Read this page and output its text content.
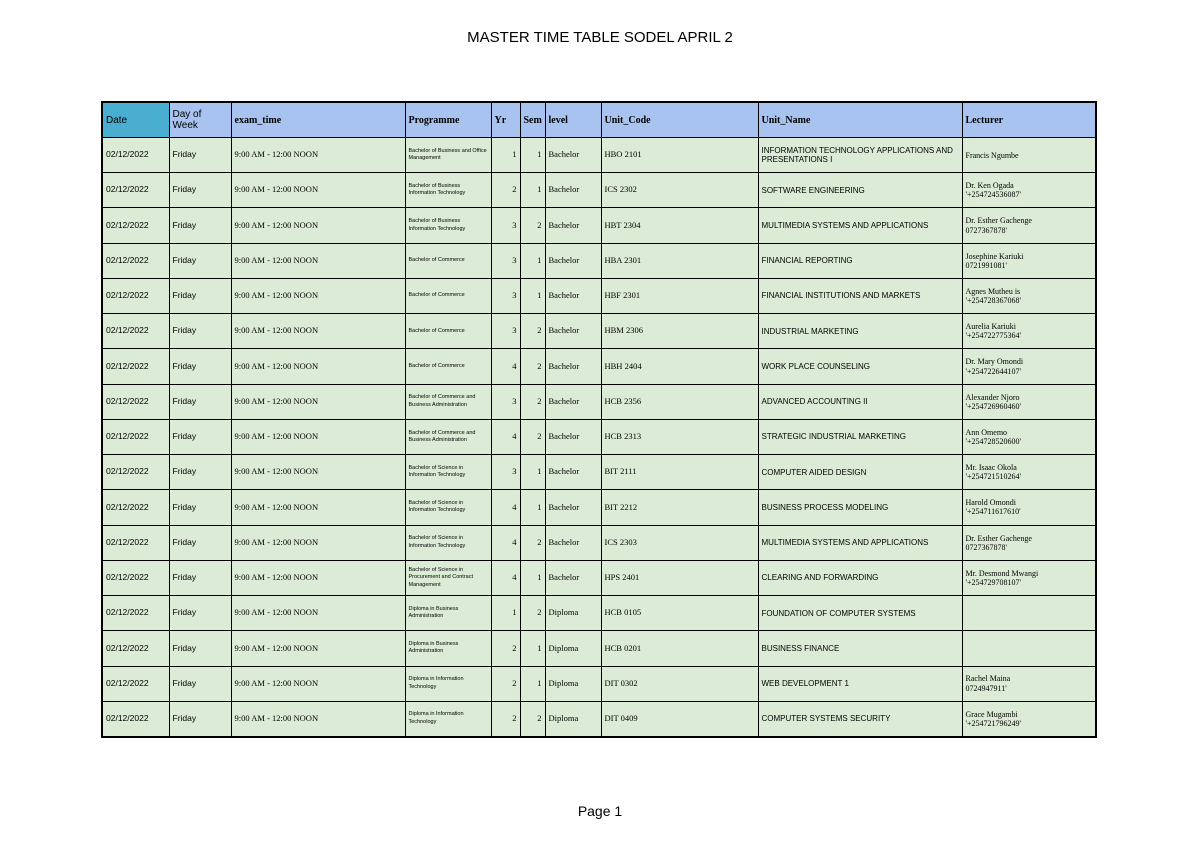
MASTER TIME TABLE SODEL APRIL 2
Date	Day of Week	exam_time	Programme	Yr	Sem	level	Unit_Code	Unit_Name	Lecturer
02/12/2022	Friday	9:00 AM - 12:00 NOON	Bachelor of Business and Office Management	1	1	Bachelor	HBO 2101	INFORMATION TECHNOLOGY APPLICATIONS AND PRESENTATIONS I	Francis Ngumbe

02/12/2022	Friday	9:00 AM - 12:00 NOON	Bachelor of Business Information Technology	2	1	Bachelor	ICS 2302	SOFTWARE ENGINEERING	Dr. Ken Ogada
'+254724536087'

02/12/2022	Friday	9:00 AM - 12:00 NOON	Bachelor of Business Information Technology	3	2	Bachelor	HBT 2304	MULTIMEDIA SYSTEMS AND APPLICATIONS	Dr. Esther Gachenge
0727367878'

02/12/2022	Friday	9:00 AM - 12:00 NOON	Bachelor of Commerce	3	1	Bachelor	HBA 2301	FINANCIAL REPORTING	Josephine Kariuki
0721991081'

02/12/2022	Friday	9:00 AM - 12:00 NOON	Bachelor of Commerce	3	1	Bachelor	HBF 2301	FINANCIAL INSTITUTIONS AND MARKETS	Agnes Mutheu is
'+254728367068'

02/12/2022	Friday	9:00 AM - 12:00 NOON	Bachelor of Commerce	3	2	Bachelor	HBM 2306	INDUSTRIAL MARKETING	Aurelia Kariuki
'+254722775364'

02/12/2022	Friday	9:00 AM - 12:00 NOON	Bachelor of Commerce	4	2	Bachelor	HBH 2404	WORK PLACE COUNSELING	Dr. Mary Omondi
'+254722644107'

02/12/2022	Friday	9:00 AM - 12:00 NOON	Bachelor of Commerce and Business Administration	3	2	Bachelor	HCB 2356	ADVANCED ACCOUNTING II	Alexander Njoro
'+254726960460'

02/12/2022	Friday	9:00 AM - 12:00 NOON	Bachelor of Commerce and Business Administration	4	2	Bachelor	HCB 2313	STRATEGIC INDUSTRIAL MARKETING	Ann Omemo
'+254728520600'

02/12/2022	Friday	9:00 AM - 12:00 NOON	Bachelor of Science in Information Technology	3	1	Bachelor	BIT 2111	COMPUTER AIDED DESIGN	Mr. Isaac Okola
'+254721510264'

02/12/2022	Friday	9:00 AM - 12:00 NOON	Bachelor of Science in Information Technology	4	1	Bachelor	BIT 2212	BUSINESS PROCESS MODELING	Harold Omondi
'+254711617610'

02/12/2022	Friday	9:00 AM - 12:00 NOON	Bachelor of Science in Information Technology	4	2	Bachelor	ICS 2303	MULTIMEDIA SYSTEMS AND APPLICATIONS	Dr. Esther Gachenge
0727367878'

02/12/2022	Friday	9:00 AM - 12:00 NOON	Bachelor of Science in Procurement and Contract Management	4	1	Bachelor	HPS 2401	CLEARING AND FORWARDING	Mr. Desmond Mwangi
'+254729708107'

02/12/2022	Friday	9:00 AM - 12:00 NOON	Diploma in Business Administration	1	2	Diploma	HCB 0105	FOUNDATION OF COMPUTER SYSTEMS	

02/12/2022	Friday	9:00 AM - 12:00 NOON	Diploma in Business Administration	2	1	Diploma	HCB 0201	BUSINESS FINANCE	

02/12/2022	Friday	9:00 AM - 12:00 NOON	Diploma in Information Technology	2	1	Diploma	DIT 0302	WEB DEVELOPMENT 1	Rachel Maina
0724947911'

02/12/2022	Friday	9:00 AM - 12:00 NOON	Diploma in Information Technology	2	2	Diploma	DIT 0409	COMPUTER SYSTEMS SECURITY	Grace Mugambi
'+254721796249'
Page 1
